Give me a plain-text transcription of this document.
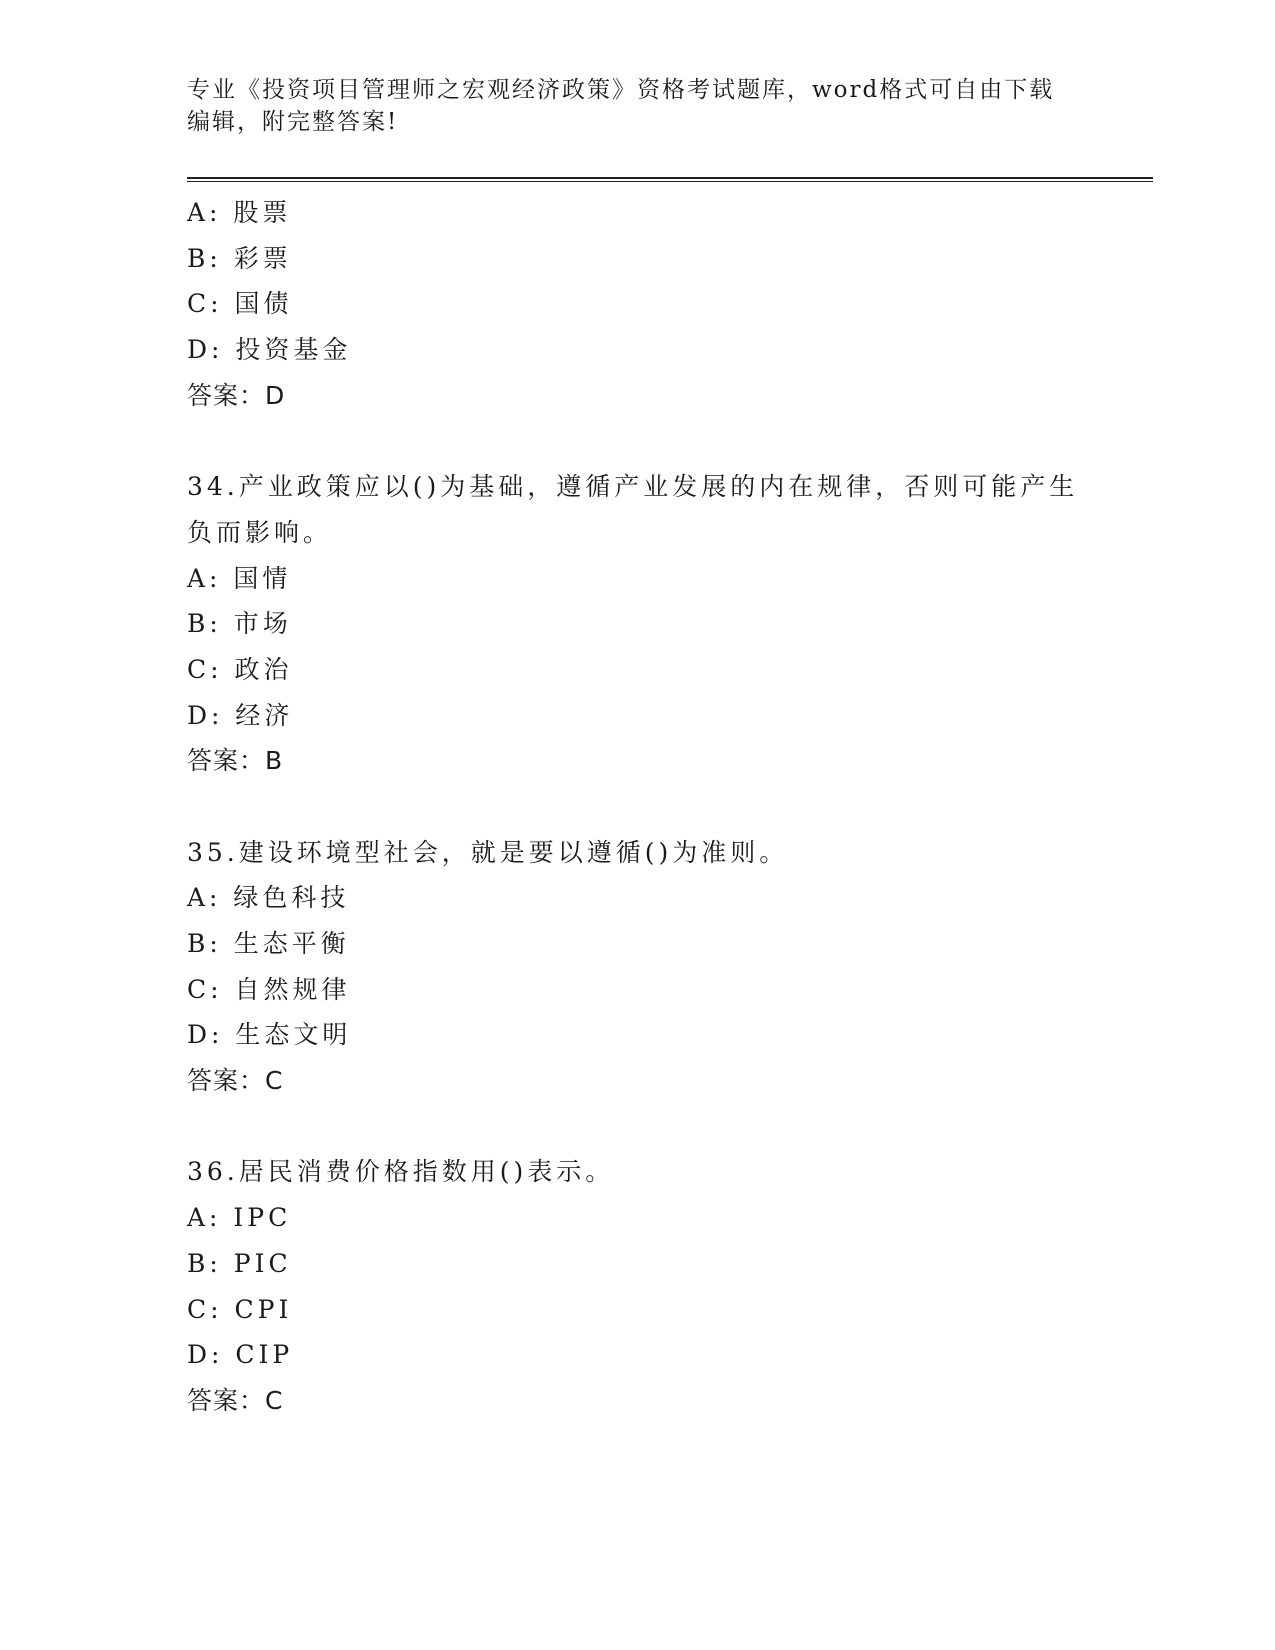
专业《投资项目管理师之宏观经济政策》资格考试题库，word格式可自由下载编辑，附完整答案!
A: 股票
B: 彩票
C: 国债
D: 投资基金
答案：D
34.产业政策应以()为基础，遵循产业发展的内在规律，否则可能产生负而影响。
A: 国情
B: 市场
C: 政治
D: 经济
答案：B
35.建设环境型社会，就是要以遵循()为准则。
A: 绿色科技
B: 生态平衡
C: 自然规律
D: 生态文明
答案：C
36.居民消费价格指数用()表示。
A: IPC
B: PIC
C: CPI
D: CIP
答案：C
